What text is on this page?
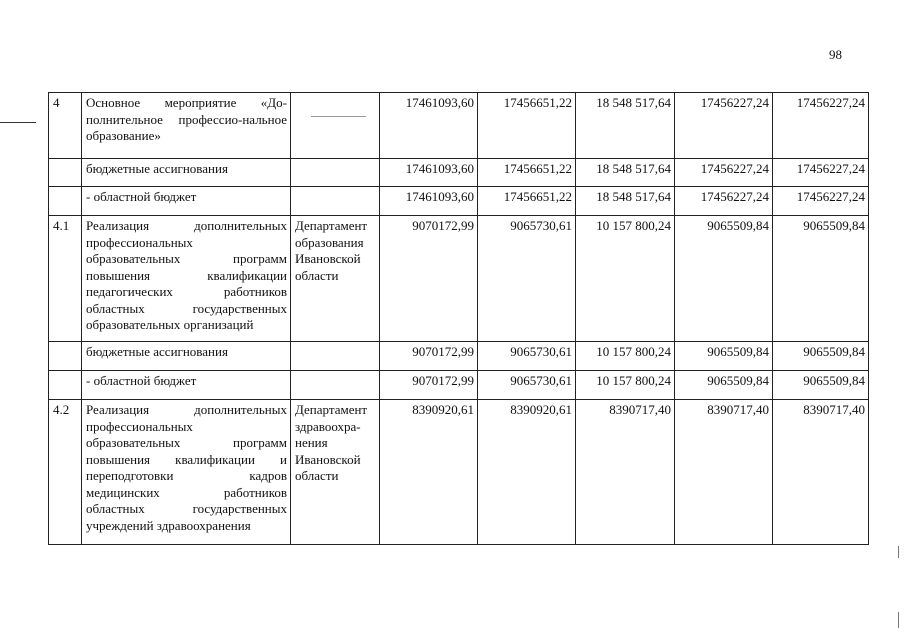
98
4	Основное мероприятие «До-полнительное профессио-нальное образование»		17461093,60	17456651,22	18 548 517,64	17456227,24	17456227,24

	бюджетные ассигнования		17461093,60	17456651,22	18 548 517,64	17456227,24	17456227,24

	- областной бюджет		17461093,60	17456651,22	18 548 517,64	17456227,24	17456227,24

4.1	Реализация дополнительных профессиональных образовательных программ повышения квалификации педагогических работников областных государственных образовательных организаций	Департамент образования Ивановской области	9070172,99	9065730,61	10 157 800,24	9065509,84	9065509,84

	бюджетные ассигнования		9070172,99	9065730,61	10 157 800,24	9065509,84	9065509,84

	- областной бюджет		9070172,99	9065730,61	10 157 800,24	9065509,84	9065509,84

4.2	Реализация дополнительных профессиональных образовательных программ повышения квалификации и переподготовки кадров медицинских работников областных государственных учреждений здравоохранения	Департамент здравоохра-нения Ивановской области	8390920,61	8390920,61	8390717,40	8390717,40	8390717,40
